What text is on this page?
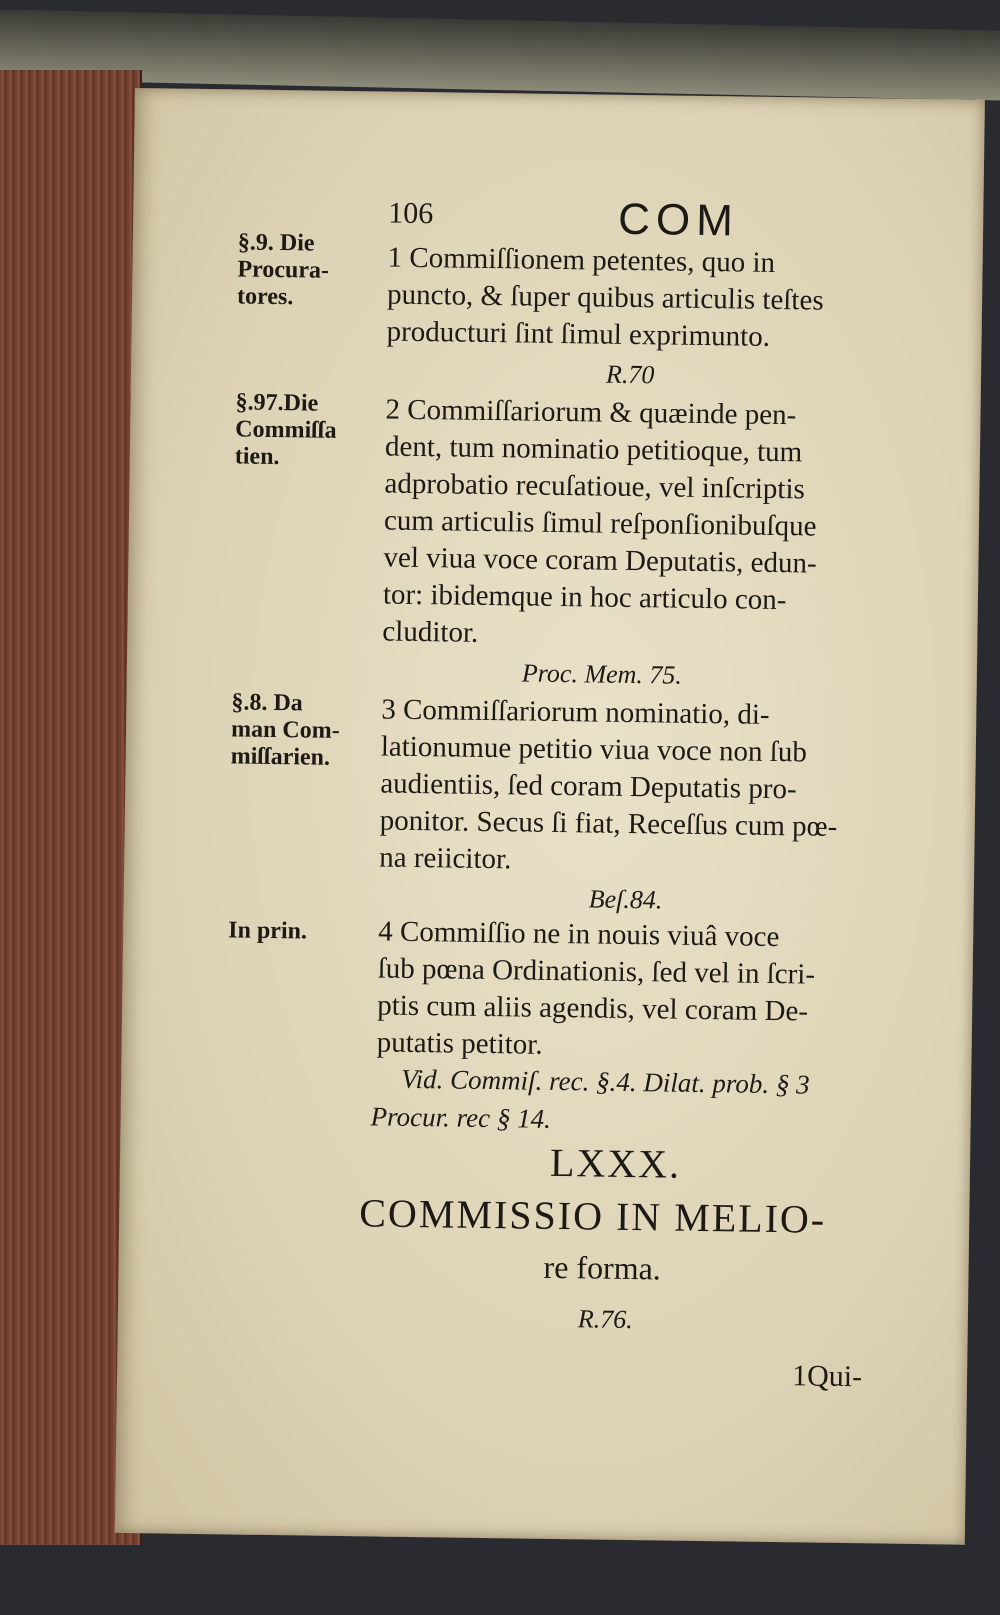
106	COM
§.9. Die
Procura-
tores.
1 Commiſſionem petentes, quo in
puncto, & ſuper quibus articulis teſtes
producturi ſint ſimul exprimunto.
R.70
§.97.Die
Commiſſa
tien.
2 Commiſſariorum & quæinde pen-
dent, tum nominatio petitioque, tum
adprobatio recuſatioue, vel inſcriptis
cum articulis ſimul reſponſionibuſque
vel viua voce coram Deputatis, edun-
tor: ibidemque in hoc articulo con-
cluditor.
Proc. Mem. 75.
§.8. Da
man Com-
miſſarien.
3 Commiſſariorum nominatio, di-
lationumue petitio viua voce non ſub
audientiis, ſed coram Deputatis pro-
ponitor. Secus ſi fiat, Receſſus cum pœ-
na reiicitor.
Beſ.84.
In prin. 4 Commiſſio ne in nouis viuâ voce
ſub pœna Ordinationis, ſed vel in ſcri-
ptis cum aliis agendis, vel coram De-
putatis petitor.
Vid. Commiſ. rec. §.4. Dilat. prob. § 3
Procur. rec § 14.
LXXX.
COMMISSIO IN MELIO-
re forma.
R.76.
1Qui-
